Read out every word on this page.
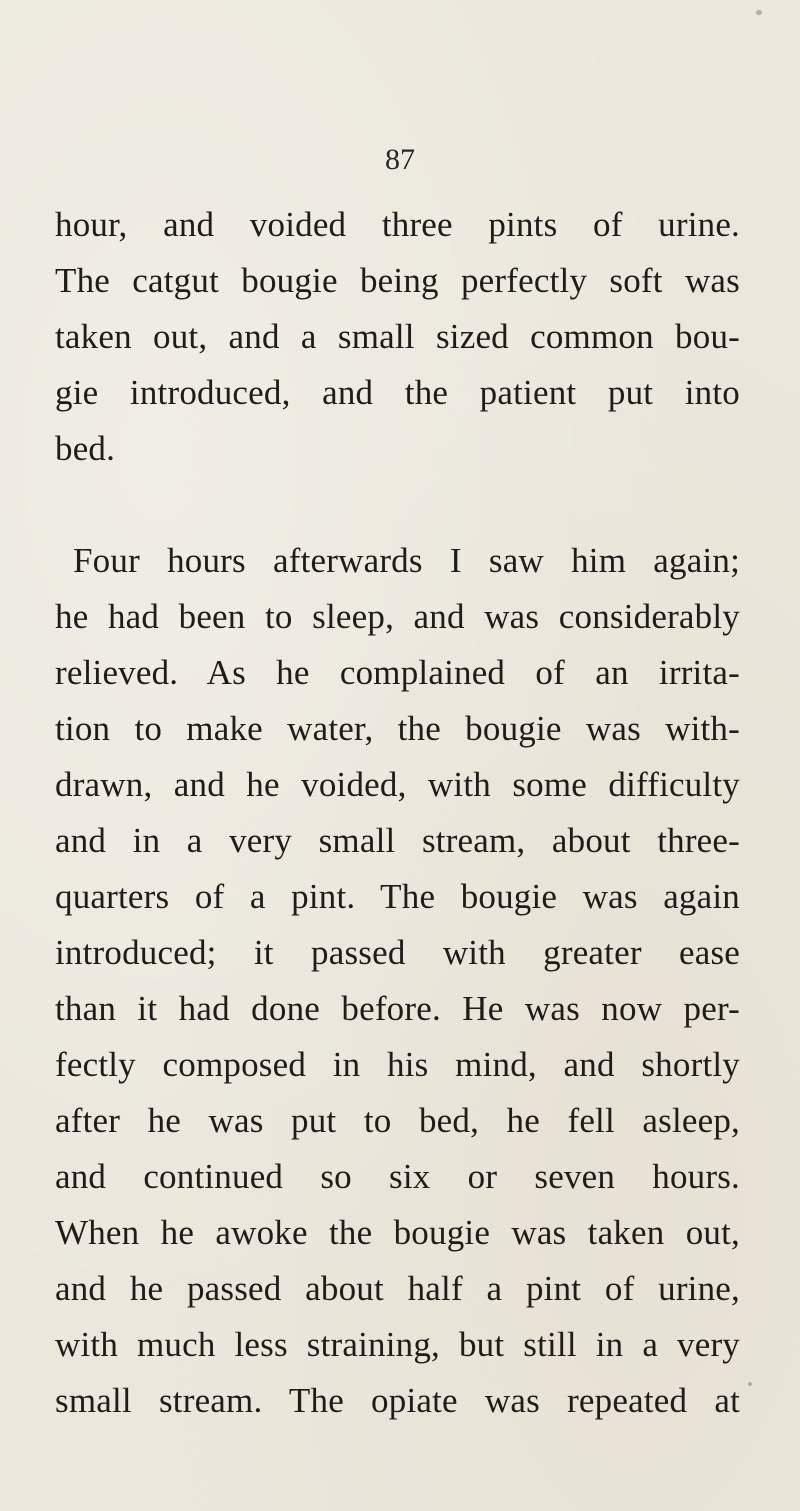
87

hour, and voided three pints of urine.
The catgut bougie being perfectly soft was
taken out, and a small sized common bou-
gie introduced, and the patient put into
bed.
Four hours afterwards I saw him again;
he had been to sleep, and was considerably
relieved. As he complained of an irrita-
tion to make water, the bougie was with-
drawn, and he voided, with some difficulty
and in a very small stream, about three-
quarters of a pint. The bougie was again
introduced; it passed with greater ease
than it had done before. He was now per-
fectly composed in his mind, and shortly
after he was put to bed, he fell asleep,
and continued so six or seven hours.
When he awoke the bougie was taken out,
and he passed about half a pint of urine,
with much less straining, but still in a very
small stream. The opiate was repeated at
